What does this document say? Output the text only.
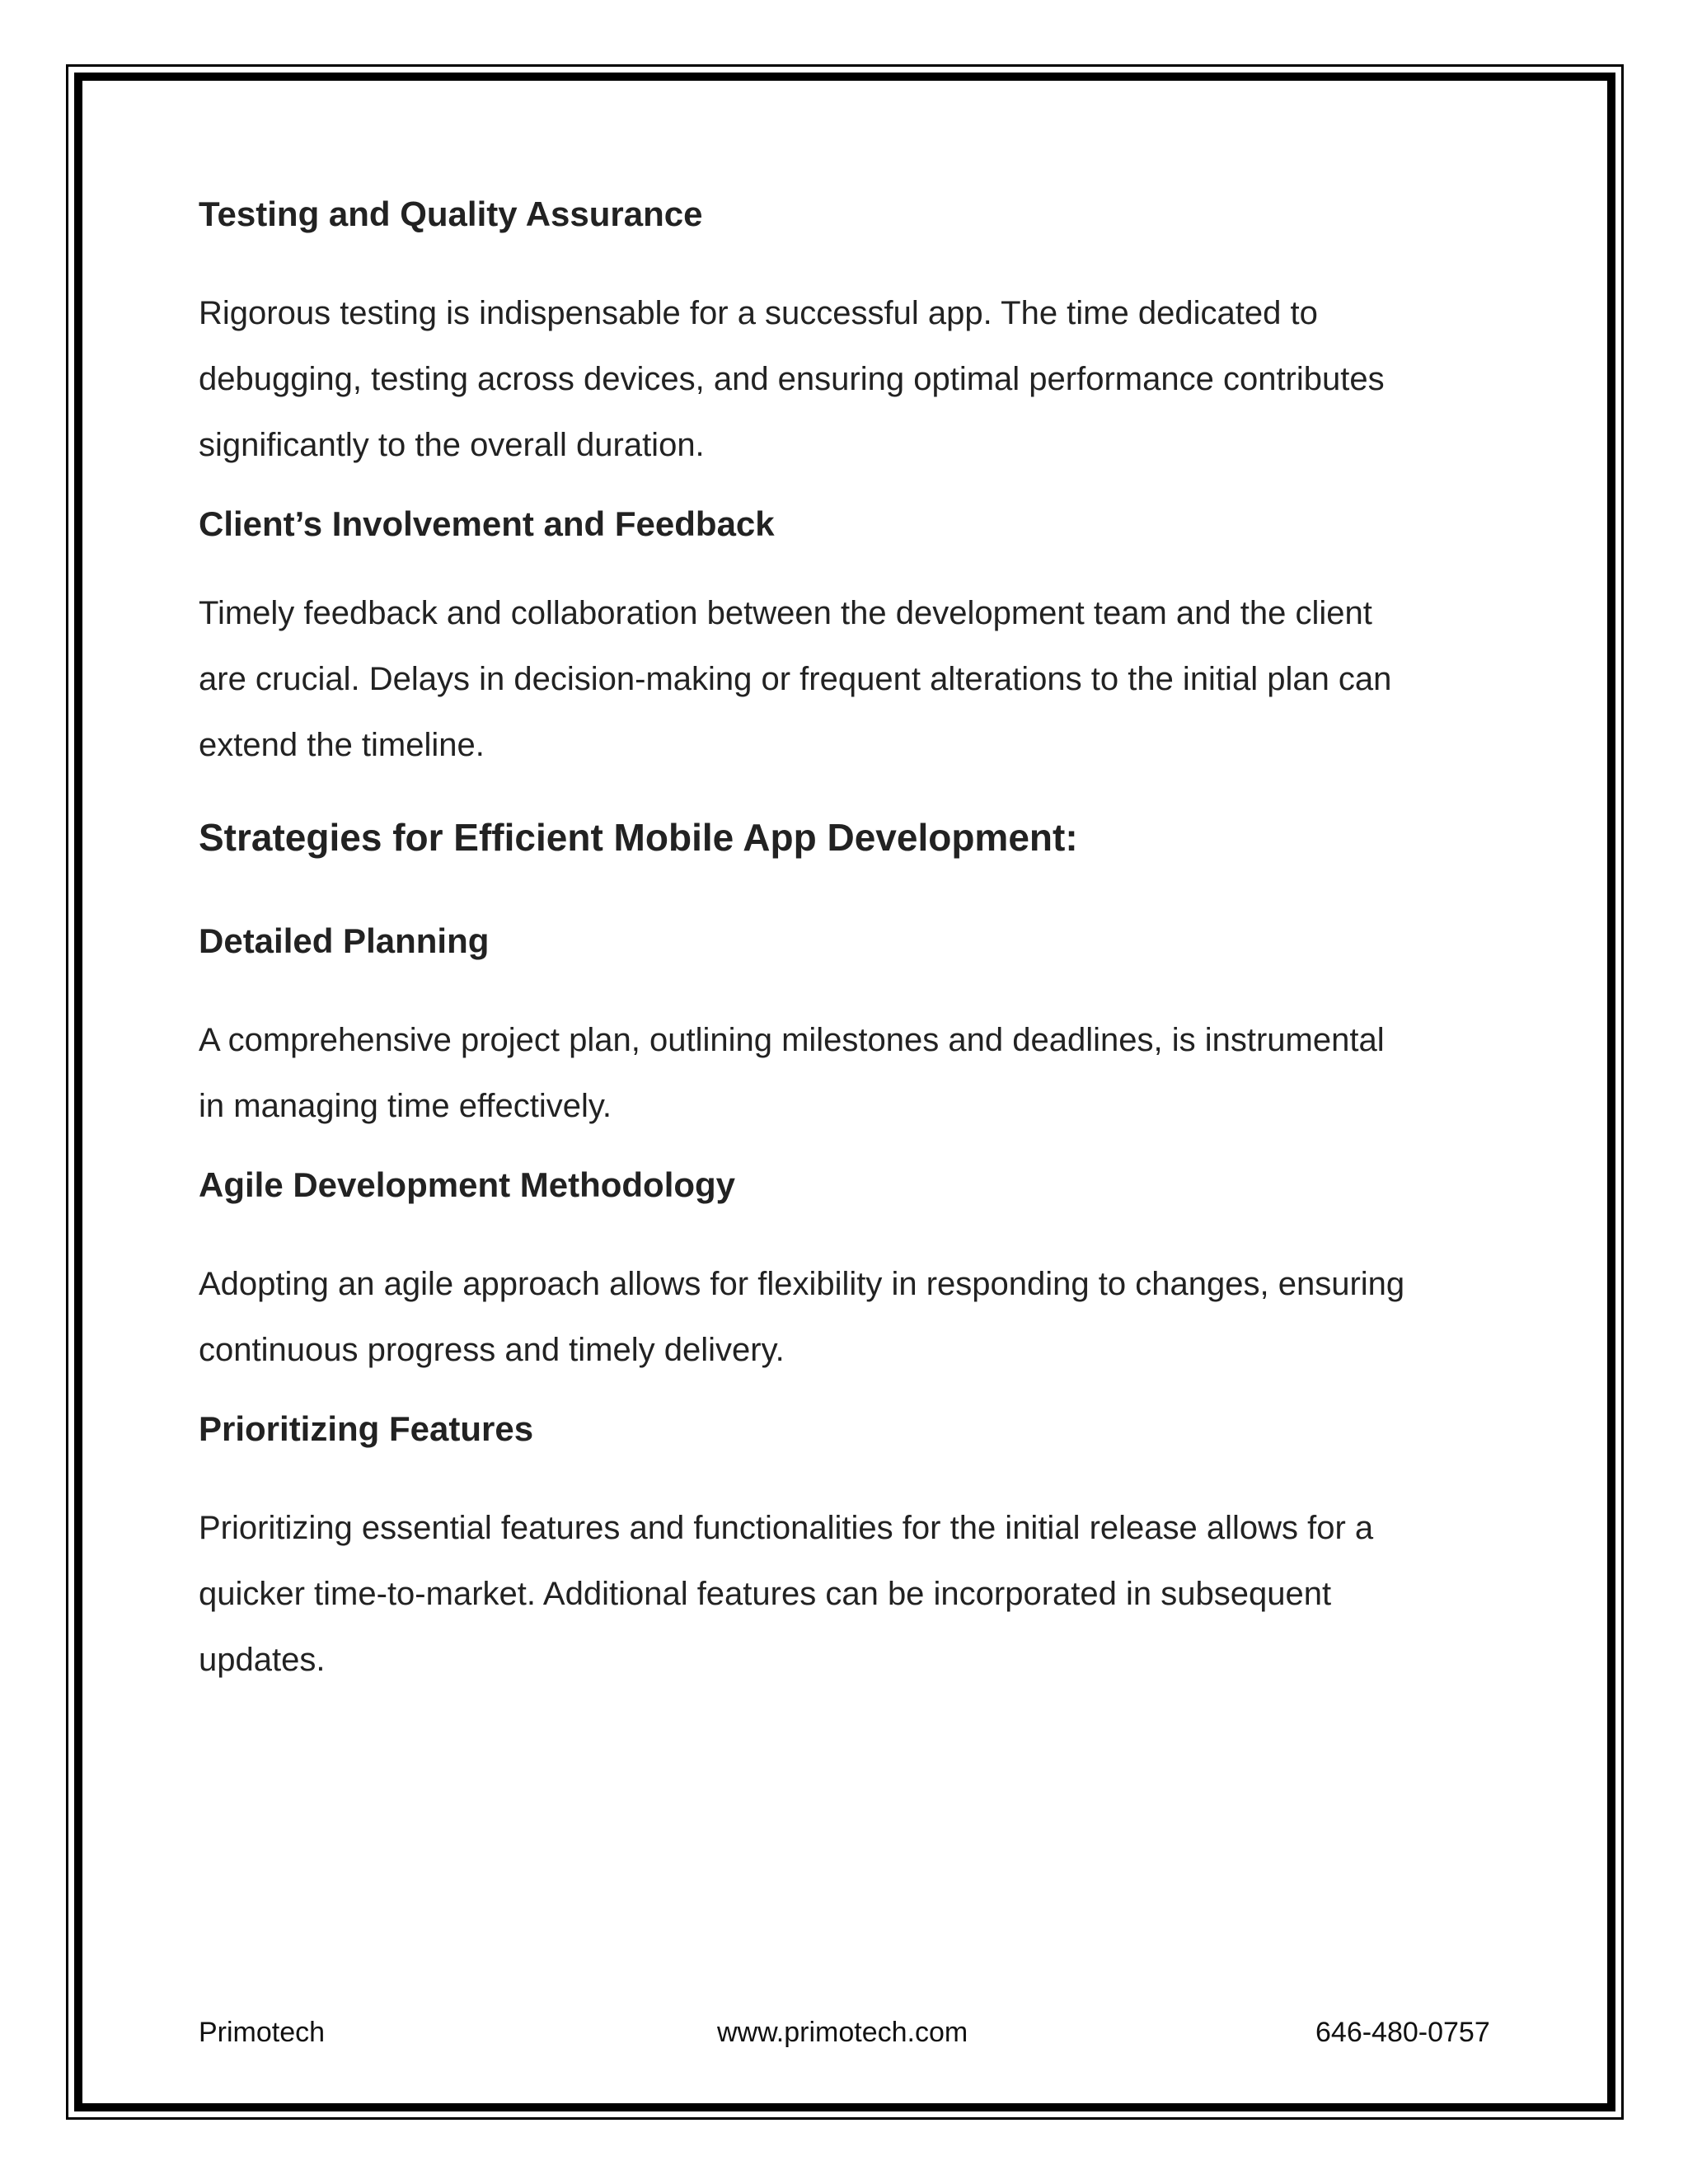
Testing and Quality Assurance

Rigorous testing is indispensable for a successful app. The time dedicated to

debugging, testing across devices, and ensuring optimal performance contributes

significantly to the overall duration.

Client’s Involvement and Feedback

Timely feedback and collaboration between the development team and the client

are crucial. Delays in decision-making or frequent alterations to the initial plan can

extend the timeline.

Strategies for Efficient Mobile App Development:
Detailed Planning

A comprehensive project plan, outlining milestones and deadlines, is instrumental

in managing time effectively.

Agile Development Methodology

Adopting an agile approach allows for flexibility in responding to changes, ensuring

continuous progress and timely delivery.

Prioritizing Features

Prioritizing essential features and functionalities for the initial release allows for a

quicker time-to-market. Additional features can be incorporated in subsequent

updates.

Primotech	www.primotech.com	646-480-0757
